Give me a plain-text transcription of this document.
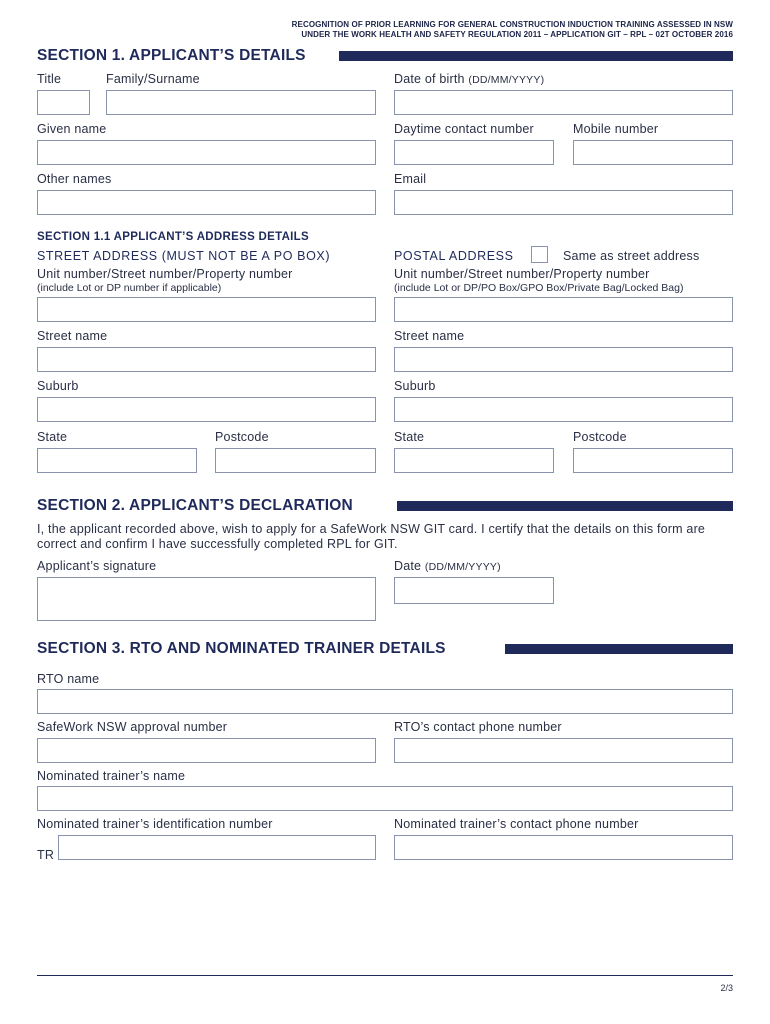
RECOGNITION OF PRIOR LEARNING FOR GENERAL CONSTRUCTION INDUCTION TRAINING ASSESSED IN NSW
UNDER THE WORK HEALTH AND SAFETY REGULATION 2011 – APPLICATION GIT – RPL – 02T OCTOBER 2016
SECTION 1. APPLICANT’S DETAILS
Title	Family/Surname	Date of birth (DD/MM/YYYY)
Given name	Daytime contact number	Mobile number
Other names	Email
SECTION 1.1 APPLICANT’S ADDRESS DETAILS
STREET ADDRESS (MUST NOT BE A PO BOX)	POSTAL ADDRESS	Same as street address
Unit number/Street number/Property number
(include Lot or DP number if applicable)
Unit number/Street number/Property number
(include Lot or DP/PO Box/GPO Box/Private Bag/Locked Bag)
Street name	Street name
Suburb	Suburb
State	Postcode	State	Postcode
SECTION 2. APPLICANT’S DECLARATION
I, the applicant recorded above, wish to apply for a SafeWork NSW GIT card. I certify that the details on this form are correct and confirm I have successfully completed RPL for GIT.
Applicant’s signature	Date (DD/MM/YYYY)
SECTION 3. RTO AND NOMINATED TRAINER DETAILS
RTO name
SafeWork NSW approval number	RTO’s contact phone number
Nominated trainer’s name
Nominated trainer’s identification number	Nominated trainer’s contact phone number
TR
2/3
